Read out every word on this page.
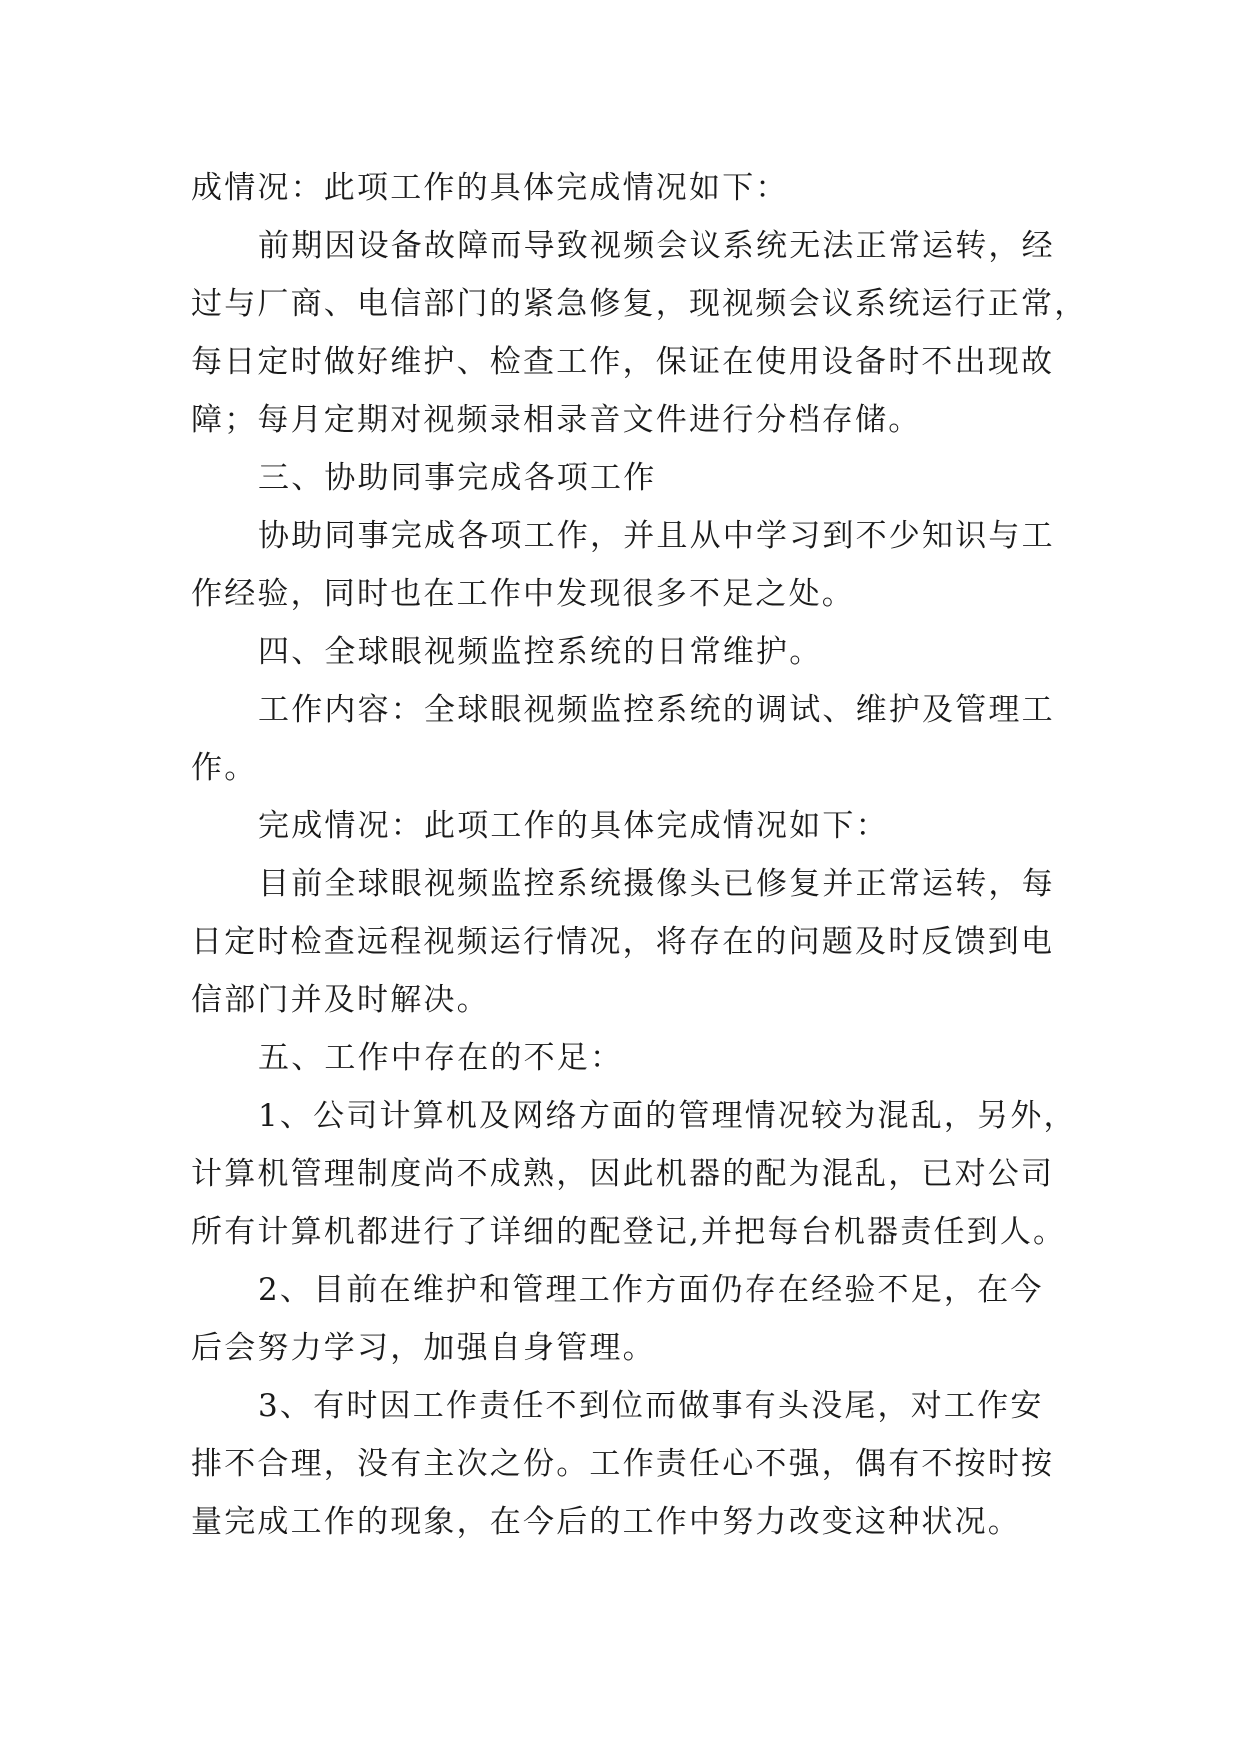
成情况：此项工作的具体完成情况如下：

前期因设备故障而导致视频会议系统无法正常运转，经

过与厂商、电信部门的紧急修复，现视频会议系统运行正常，

每日定时做好维护、检查工作，保证在使用设备时不出现故

障；每月定期对视频录相录音文件进行分档存储。

三、协助同事完成各项工作

协助同事完成各项工作，并且从中学习到不少知识与工

作经验，同时也在工作中发现很多不足之处。

四、全球眼视频监控系统的日常维护。

工作内容：全球眼视频监控系统的调试、维护及管理工

作。

完成情况：此项工作的具体完成情况如下：

目前全球眼视频监控系统摄像头已修复并正常运转，每

日定时检查远程视频运行情况，将存在的问题及时反馈到电

信部门并及时解决。

五、工作中存在的不足：

1、公司计算机及网络方面的管理情况较为混乱，另外，

计算机管理制度尚不成熟，因此机器的配为混乱，已对公司

所有计算机都进行了详细的配登记,并把每台机器责任到人。

2、目前在维护和管理工作方面仍存在经验不足，在今

后会努力学习，加强自身管理。

3、有时因工作责任不到位而做事有头没尾，对工作安

排不合理，没有主次之份。工作责任心不强，偶有不按时按

量完成工作的现象，在今后的工作中努力改变这种状况。
